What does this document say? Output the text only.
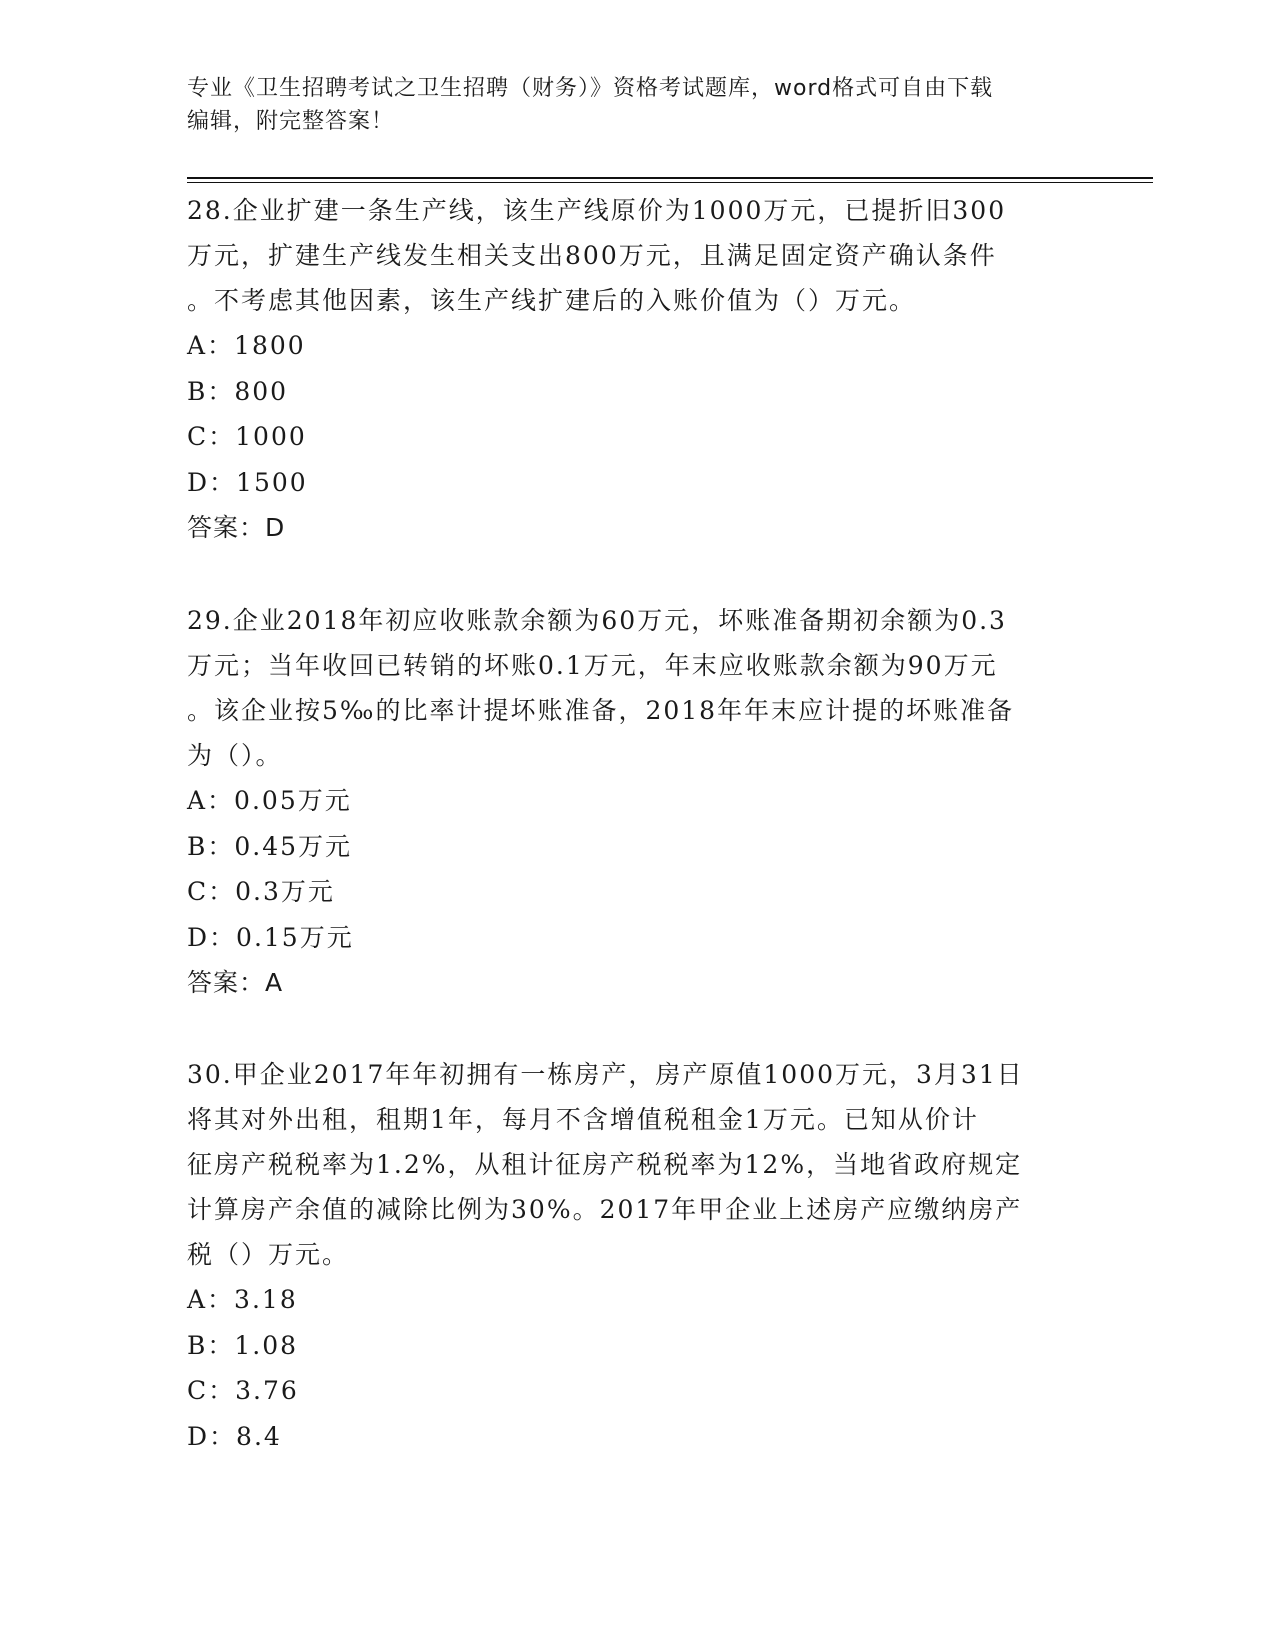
专业《卫生招聘考试之卫生招聘（财务）》资格考试题库，word格式可自由下载
编辑，附完整答案！
28.企业扩建一条生产线，该生产线原价为1000万元，已提折旧300
万元，扩建生产线发生相关支出800万元，且满足固定资产确认条件
。不考虑其他因素，该生产线扩建后的入账价值为（）万元。
A：1800
B：800
C：1000
D：1500
答案：D
29.企业2018年初应收账款余额为60万元，坏账准备期初余额为0.3
万元；当年收回已转销的坏账0.1万元，年末应收账款余额为90万元
。该企业按5‰的比率计提坏账准备，2018年年末应计提的坏账准备
为（）。
A：0.05万元
B：0.45万元
C：0.3万元
D：0.15万元
答案：A
30.甲企业2017年年初拥有一栋房产，房产原值1000万元，3月31日
将其对外出租，租期1年，每月不含增值税租金1万元。已知从价计
征房产税税率为1.2%，从租计征房产税税率为12%，当地省政府规定
计算房产余值的减除比例为30%。2017年甲企业上述房产应缴纳房产
税（）万元。
A：3.18
B：1.08
C：3.76
D：8.4
